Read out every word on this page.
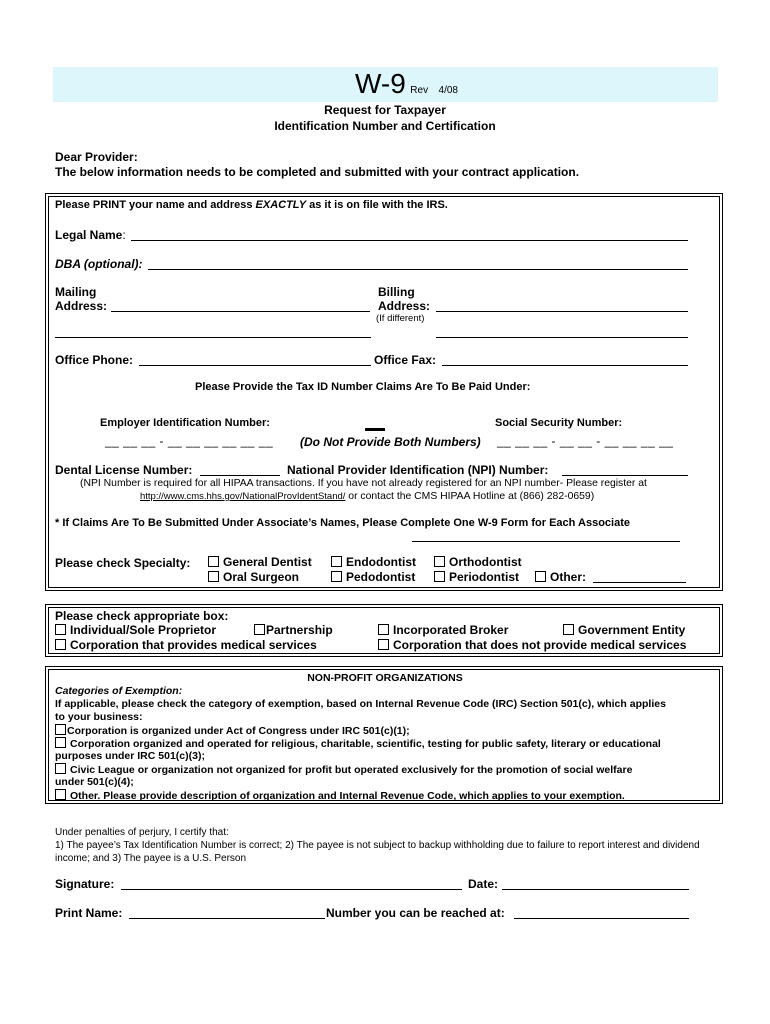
W-9 Rev 4/08
Request for Taxpayer
Identification Number and Certification
Dear Provider:
The below information needs to be completed and submitted with your contract application.
Please PRINT your name and address EXACTLY as it is on file with the IRS.
Legal Name:
DBA (optional):
Mailing
Address:
Billing
Address:
(If different)
Office Phone:	Office Fax:
Please Provide the Tax ID Number Claims Are To Be Paid Under:
Employer Identification Number:	Social Security Number:
__ __ __ - __ __ __ __ __ __ (Do Not Provide Both Numbers) __ __ __ - __ __ - __ __ __ __
Dental License Number:	National Provider Identification (NPI) Number:
(NPI Number is required for all HIPAA transactions. If you have not already registered for an NPI number- Please register at
http://www.cms.hhs.gov/NationalProvIdentStand/ or contact the CMS HIPAA Hotline at (866) 282-0659)
* If Claims Are To Be Submitted Under Associate’s Names, Please Complete One W-9 Form for Each Associate
Please check Specialty:	General Dentist	Endodontist	Orthodontist
Oral Surgeon	Pedodontist	Periodontist	Other:
Please check appropriate box:
Individual/Sole Proprietor	Partnership	Incorporated Broker	Government Entity
Corporation that provides medical services	Corporation that does not provide medical services
NON-PROFIT ORGANIZATIONS
Categories of Exemption:
If applicable, please check the category of exemption, based on Internal Revenue Code (IRC) Section 501(c), which applies
to your business:
Corporation is organized under Act of Congress under IRC 501(c)(1);
Corporation organized and operated for religious, charitable, scientific, testing for public safety, literary or educational
purposes under IRC 501(c)(3);
Civic League or organization not organized for profit but operated exclusively for the promotion of social welfare
under 501(c)(4);
Other. Please provide description of organization and Internal Revenue Code, which applies to your exemption.
Under penalties of perjury, I certify that:
1) The payee’s Tax Identification Number is correct; 2) The payee is not subject to backup withholding due to failure to report interest and dividend
income; and 3) The payee is a U.S. Person
Signature:	Date:
Print Name:	Number you can be reached at:
